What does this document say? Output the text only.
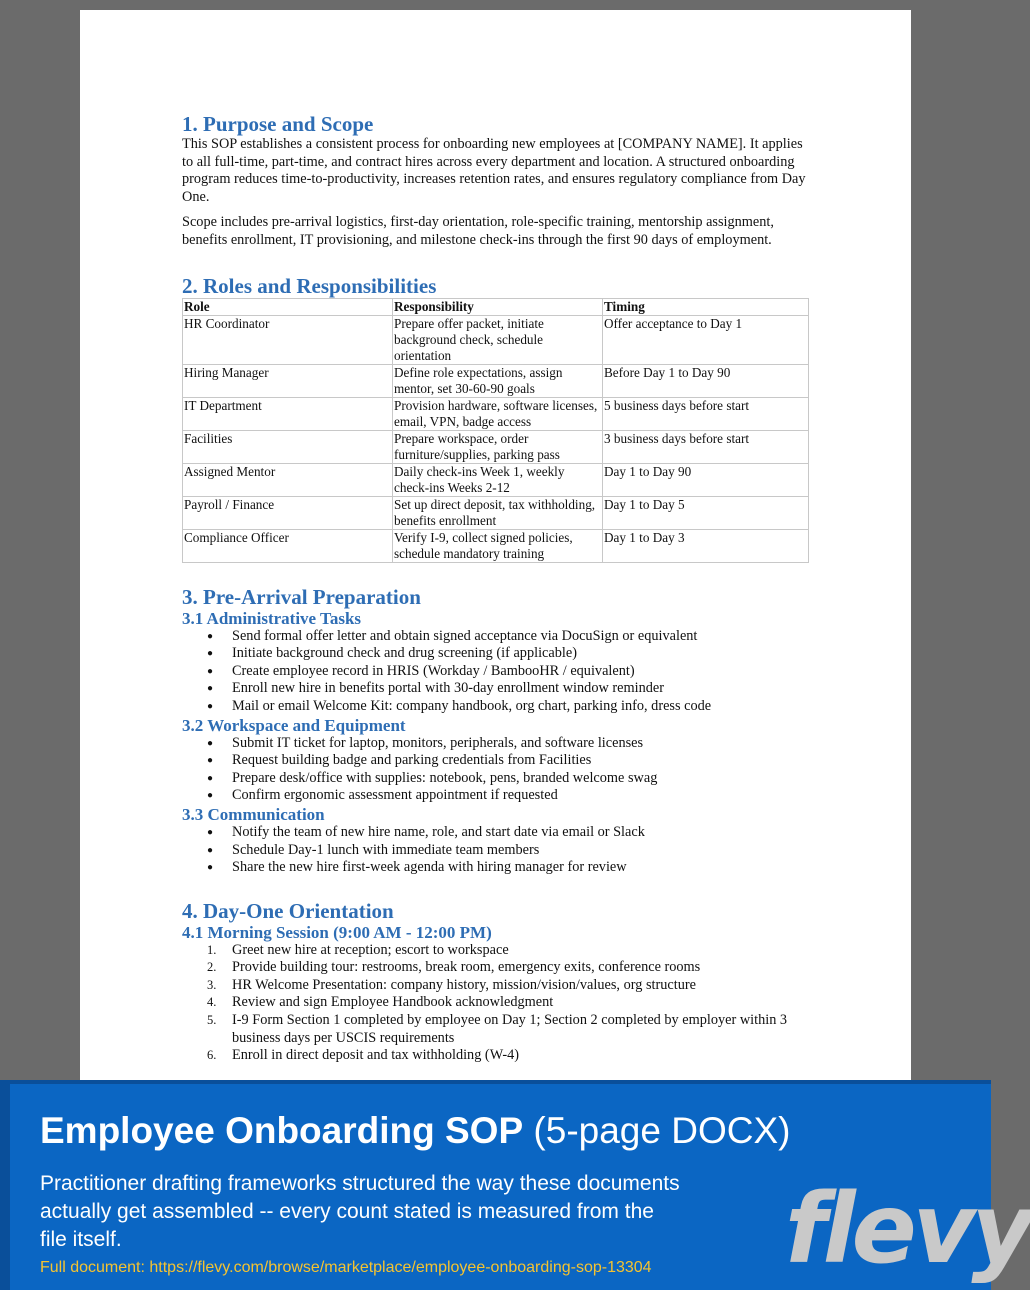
1. Purpose and Scope

This SOP establishes a consistent process for onboarding new employees at [COMPANY NAME]. It applies to all full-time, part-time, and contract hires across every department and location. A structured onboarding program reduces time-to-productivity, increases retention rates, and ensures regulatory compliance from Day One.

Scope includes pre-arrival logistics, first-day orientation, role-specific training, mentorship assignment, benefits enrollment, IT provisioning, and milestone check-ins through the first 90 days of employment.

2. Roles and Responsibilities
Role	Responsibility	Timing
HR Coordinator	Prepare offer packet, initiate background check, schedule orientation	Offer acceptance to Day 1
Hiring Manager	Define role expectations, assign mentor, set 30-60-90 goals	Before Day 1 to Day 90
IT Department	Provision hardware, software licenses, email, VPN, badge access	5 business days before start
Facilities	Prepare workspace, order furniture/supplies, parking pass	3 business days before start
Assigned Mentor	Daily check-ins Week 1, weekly check-ins Weeks 2-12	Day 1 to Day 90
Payroll / Finance	Set up direct deposit, tax withholding, benefits enrollment	Day 1 to Day 5
Compliance Officer	Verify I-9, collect signed policies, schedule mandatory training	Day 1 to Day 3
3. Pre-Arrival Preparation
3.1 Administrative Tasks
● Send formal offer letter and obtain signed acceptance via DocuSign or equivalent
● Initiate background check and drug screening (if applicable)
● Create employee record in HRIS (Workday / BambooHR / equivalent)
● Enroll new hire in benefits portal with 30-day enrollment window reminder
● Mail or email Welcome Kit: company handbook, org chart, parking info, dress code
3.2 Workspace and Equipment
● Submit IT ticket for laptop, monitors, peripherals, and software licenses
● Request building badge and parking credentials from Facilities
● Prepare desk/office with supplies: notebook, pens, branded welcome swag
● Confirm ergonomic assessment appointment if requested
3.3 Communication
● Notify the team of new hire name, role, and start date via email or Slack
● Schedule Day-1 lunch with immediate team members
● Share the new hire first-week agenda with hiring manager for review
4. Day-One Orientation
4.1 Morning Session (9:00 AM - 12:00 PM)
1. Greet new hire at reception; escort to workspace
2. Provide building tour: restrooms, break room, emergency exits, conference rooms
3. HR Welcome Presentation: company history, mission/vision/values, org structure
4. Review and sign Employee Handbook acknowledgment
5. I-9 Form Section 1 completed by employee on Day 1; Section 2 completed by employer within 3 business days per USCIS requirements
6. Enroll in direct deposit and tax withholding (W-4)
Employee Onboarding SOP (5-page DOCX)
Practitioner drafting frameworks structured the way these documents actually get assembled -- every count stated is measured from the file itself.
Full document: https://flevy.com/browse/marketplace/employee-onboarding-sop-13304 flevy
